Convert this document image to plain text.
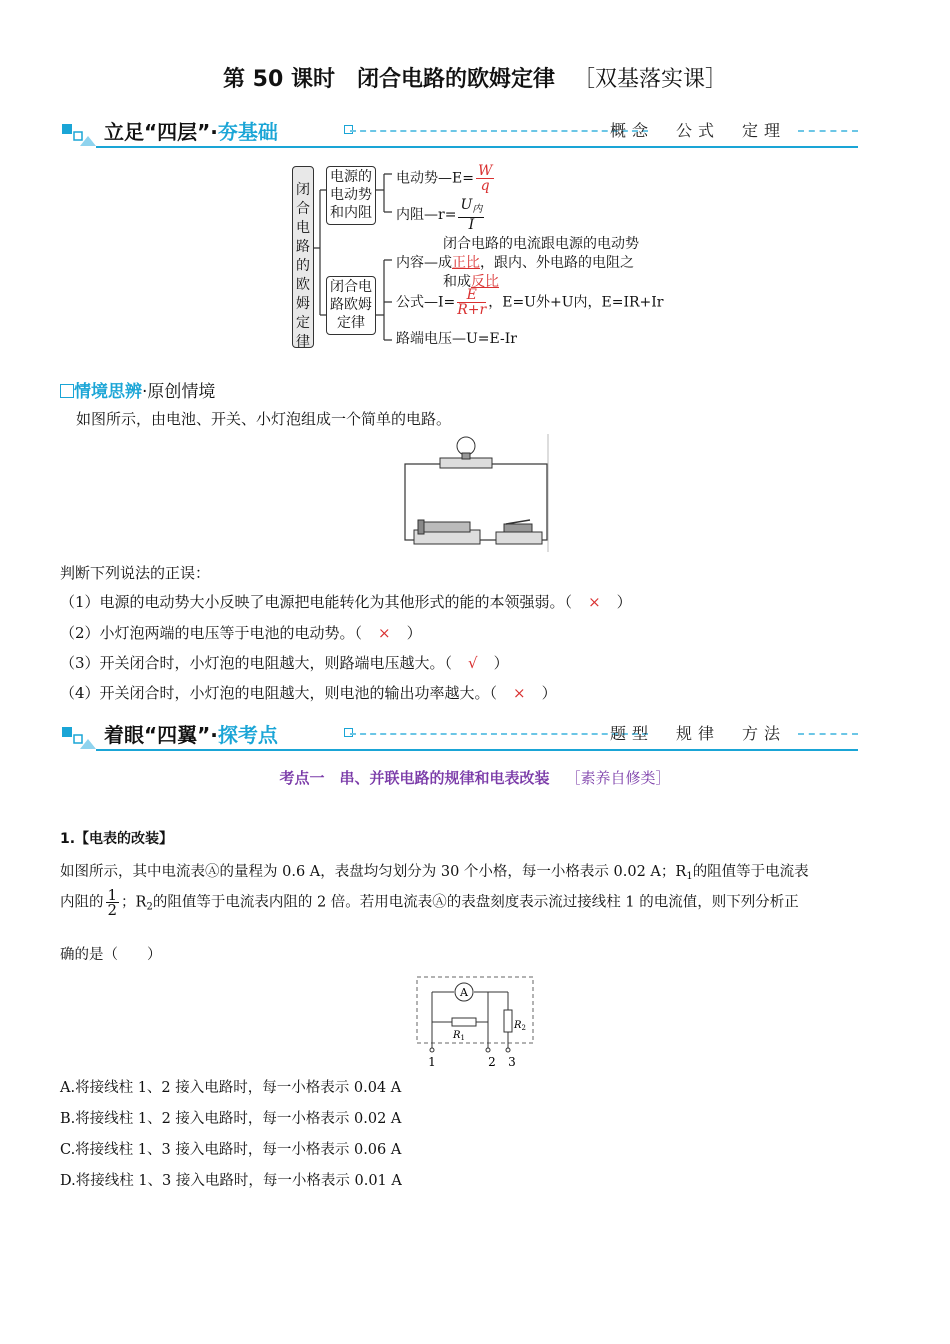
第 50 课时　闭合电路的欧姆定律 ［双基落实课］
立足“四层”·夯基础	概念　公式　定理
闭合电路的欧姆定律
电源的电动势和内阻
闭合电路欧姆定律
电动势—E= $\frac{W}{q}$
内阻—r= $\frac{U_内}{I}$
闭合电路的电流跟电源的电动势
内容—成正比，跟内、外电路的电阻之
和成反比
公式—I= $\frac{E}{R+r}$ ，E=U外+U内，E=IR+Ir
路端电压—U=E-Ir
情境思辨·原创情境
如图所示，由电池、开关、小灯泡组成一个简单的电路。
判断下列说法的正误：
（1）电源的电动势大小反映了电源把电能转化为其他形式的能的本领强弱。（ × ）
（2）小灯泡两端的电压等于电池的电动势。（ × ）
（3）开关闭合时，小灯泡的电阻越大，则路端电压越大。（ √ ）
（4）开关闭合时，小灯泡的电阻越大，则电池的输出功率越大。（ × ）
着眼“四翼”·探考点	题型　规律　方法
考点一　串、并联电路的规律和电表改装 ［素养自修类］
1.【电表的改装】
如图所示，其中电流表Ⓐ的量程为 0.6 A，表盘均匀划分为 30 个小格，每一小格表示 0.02 A；$R_1$的阻值等于电流表
内阻的 $\frac{1}{2}$ ；$R_2$的阻值等于电流表内阻的 2 倍。若用电流表Ⓐ的表盘刻度表示流过接线柱 1 的电流值，则下列分析正
确的是（　　）
A
$R_1$
$R_2$
1	2 3
A.将接线柱 1、2 接入电路时，每一小格表示 0.04 A
B.将接线柱 1、2 接入电路时，每一小格表示 0.02 A
C.将接线柱 1、3 接入电路时，每一小格表示 0.06 A
D.将接线柱 1、3 接入电路时，每一小格表示 0.01 A
